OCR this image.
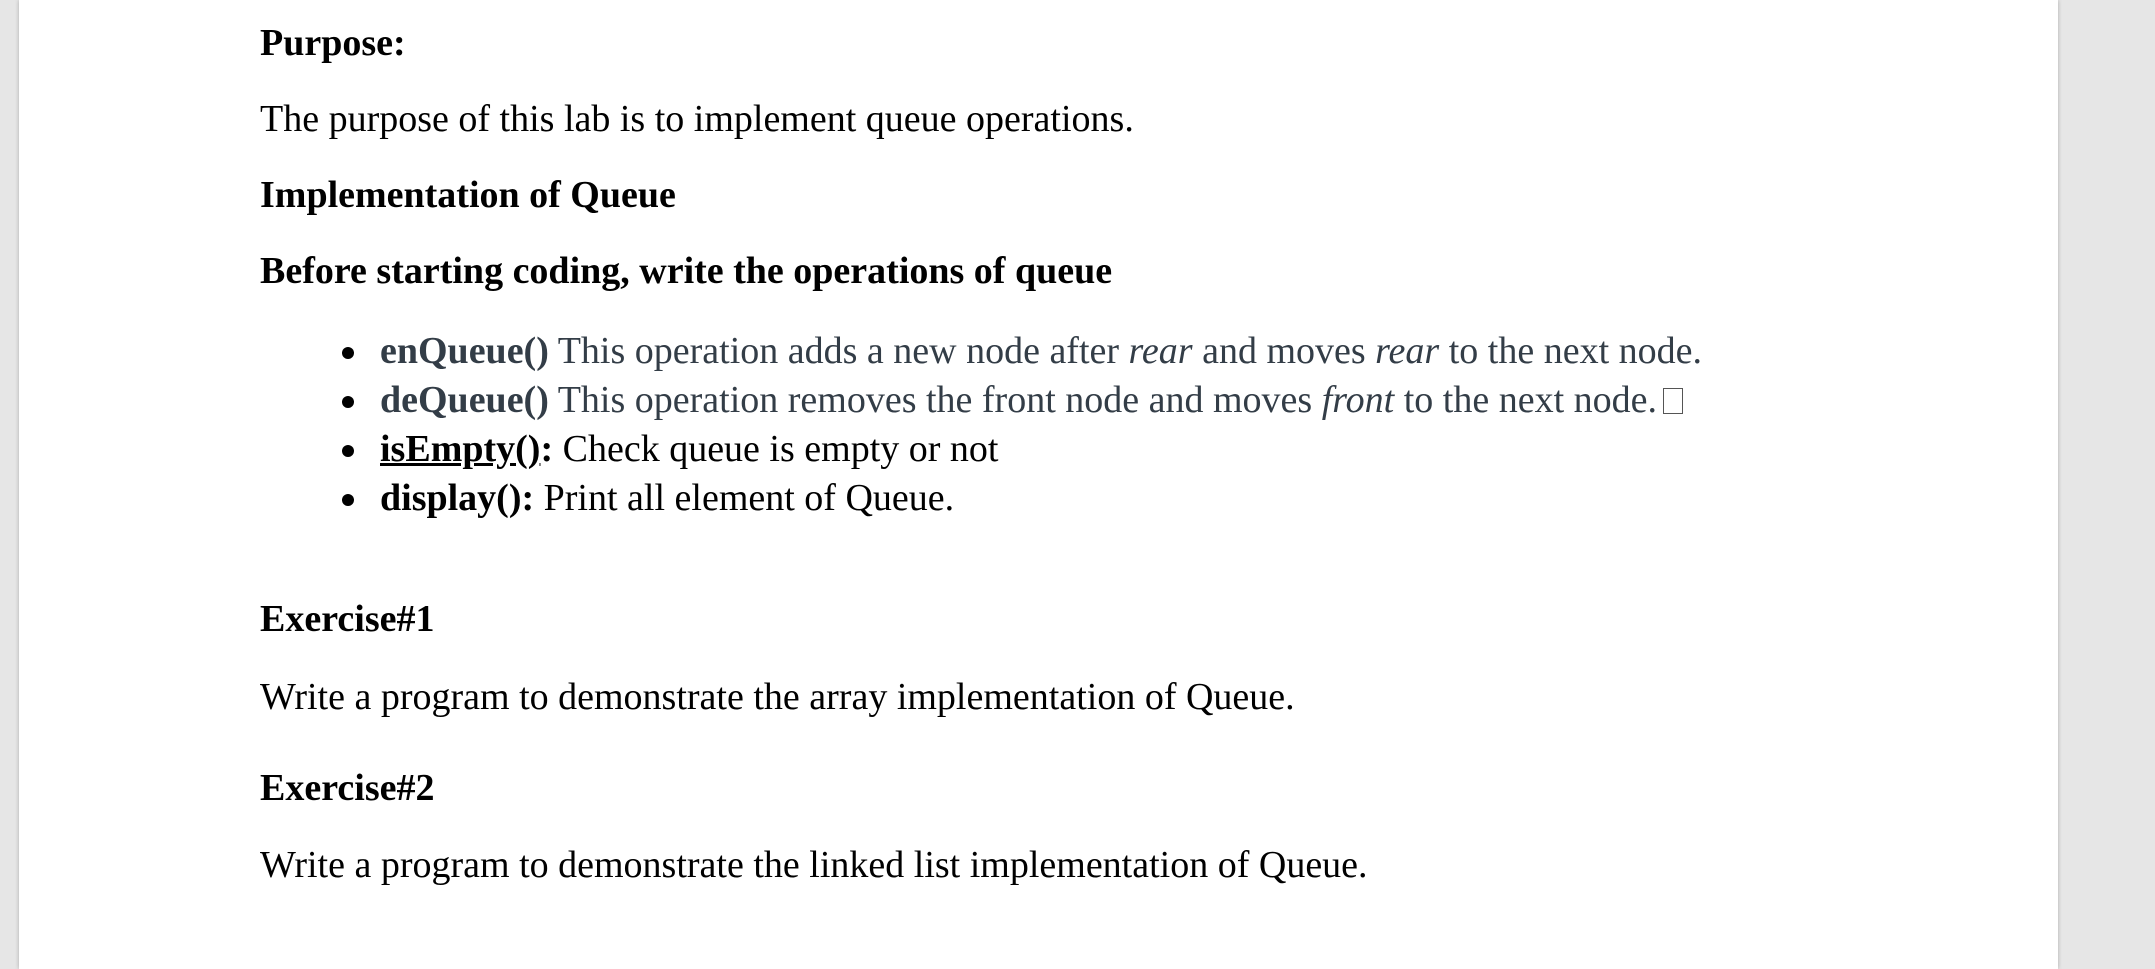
Purpose:

The purpose of this lab is to implement queue operations.

Implementation of Queue

Before starting coding, write the operations of queue

enQueue() This operation adds a new node after rear and moves rear to the next node.
deQueue() This operation removes the front node and moves front to the next node.
isEmpty(): Check queue is empty or not
display(): Print all element of Queue.

Exercise#1

Write a program to demonstrate the array implementation of Queue.

Exercise#2

Write a program to demonstrate the linked list implementation of Queue.
